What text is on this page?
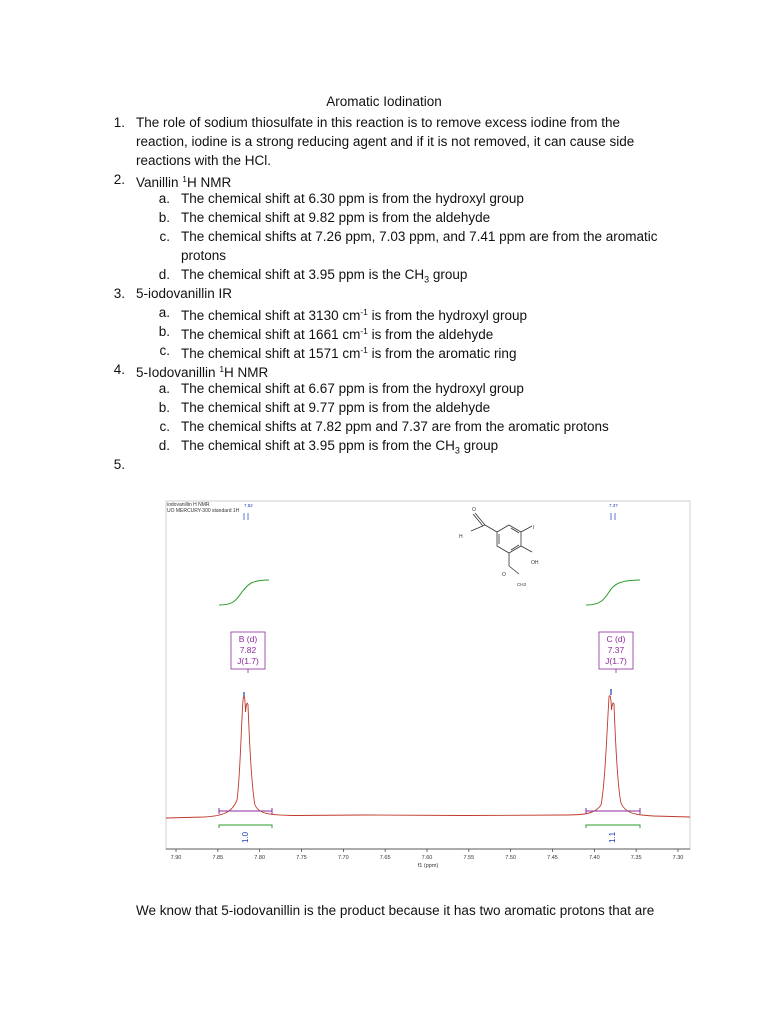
Aromatic Iodination
1. The role of sodium thiosulfate in this reaction is to remove excess iodine from the
reaction, iodine is a strong reducing agent and if it is not removed, it can cause side
reactions with the HCl.
2. Vanillin $^1$H NMR
a. The chemical shift at 6.30 ppm is from the hydroxyl group
b. The chemical shift at 9.82 ppm is from the aldehyde
c. The chemical shifts at 7.26 ppm, 7.03 ppm, and 7.41 ppm are from the aromatic
protons
d. The chemical shift at 3.95 ppm is the $CH_3$ group
3. 5-iodovanillin IR
a. The chemical shift at 3130 $cm^{-1}$ is from the hydroxyl group
b. The chemical shift at 1661 $cm^{-1}$ is from the aldehyde
c. The chemical shift at 1571 $cm^{-1}$ is from the aromatic ring
4. 5-Iodovanillin $^1$H NMR
a. The chemical shift at 6.67 ppm is from the hydroxyl group
b. The chemical shift at 9.77 ppm is from the aldehyde
c. The chemical shifts at 7.82 ppm and 7.37 are from the aromatic protons
d. The chemical shift at 3.95 ppm is from the $CH_3$ group
5.
iodovanillin H NMR
UO MERCURY-300 standard 1H
7.82	7.37
O
H
I
OH
O
CH3
B (d)
7.82
J(1.7)
C (d)
7.37
J(1.7)
1.0	1.1
7.90	7.85	7.80	7.75	7.70	7.65	7.60	7.55	7.50	7.45	7.40	7.35	7.30
f1 (ppm)
We know that 5-iodovanillin is the product because it has two aromatic protons that are
